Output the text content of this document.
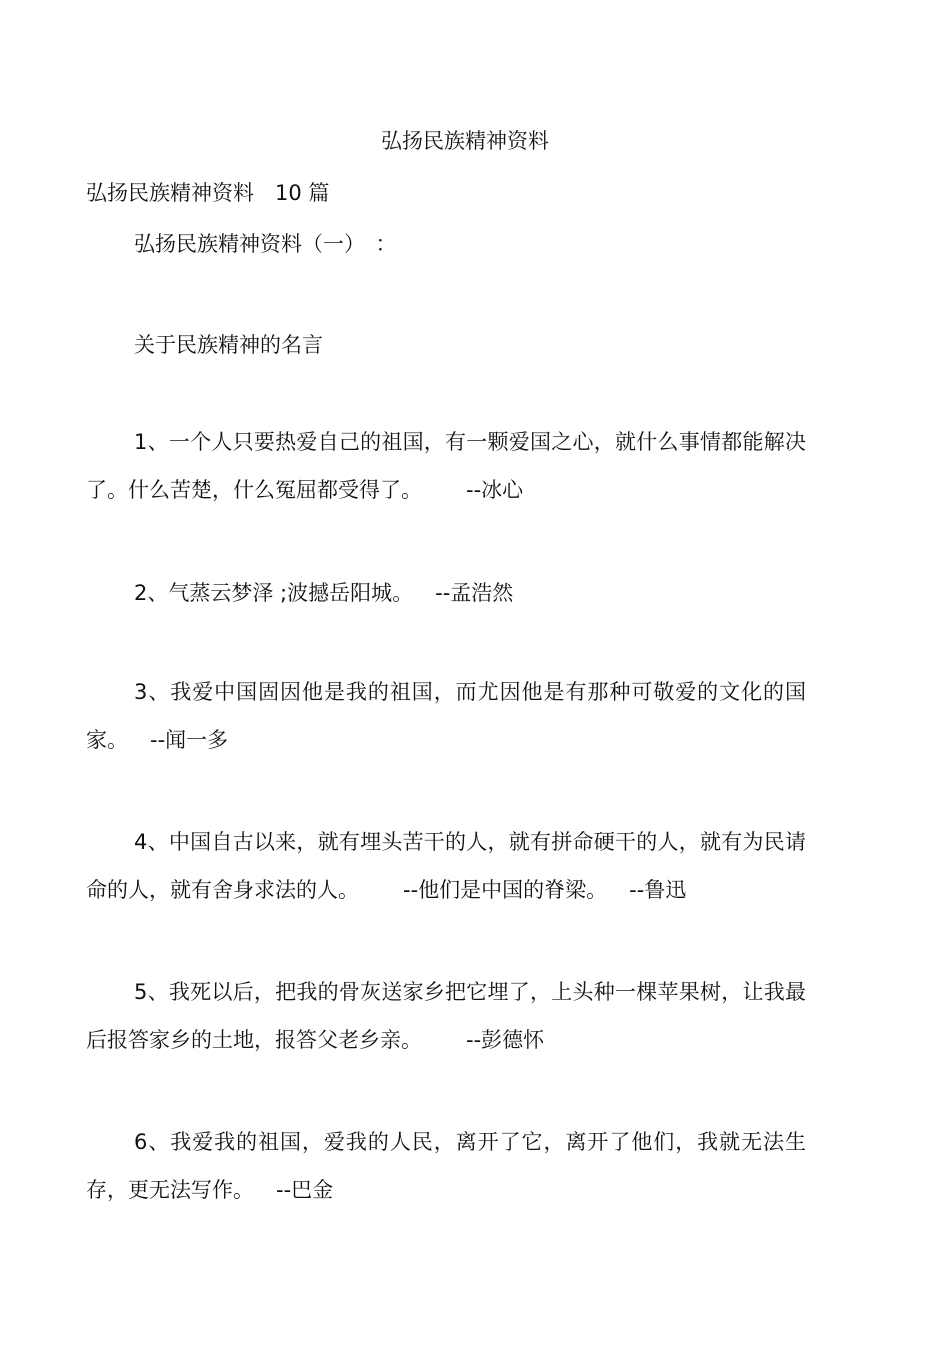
弘扬民族精神资料
弘扬民族精神资料　10 篇
弘扬民族精神资料（一）　：
关于民族精神的名言
1、一个人只要热爱自己的祖国，有一颗爱国之心，就什么事情都能解决了。什么苦楚，什么冤屈都受得了。 --冰心
2、气蒸云梦泽 ;波撼岳阳城。 --孟浩然
3、我爱中国固因他是我的祖国，而尤因他是有那种可敬爱的文化的国家。 --闻一多
4、中国自古以来，就有埋头苦干的人，就有拼命硬干的人，就有为民请命的人，就有舍身求法的人。 --他们是中国的脊梁。 --鲁迅
5、我死以后，把我的骨灰送家乡把它埋了，上头种一棵苹果树，让我最后报答家乡的土地，报答父老乡亲。 --彭德怀
6、我爱我的祖国，爱我的人民，离开了它，离开了他们，我就无法生存，更无法写作。 --巴金
